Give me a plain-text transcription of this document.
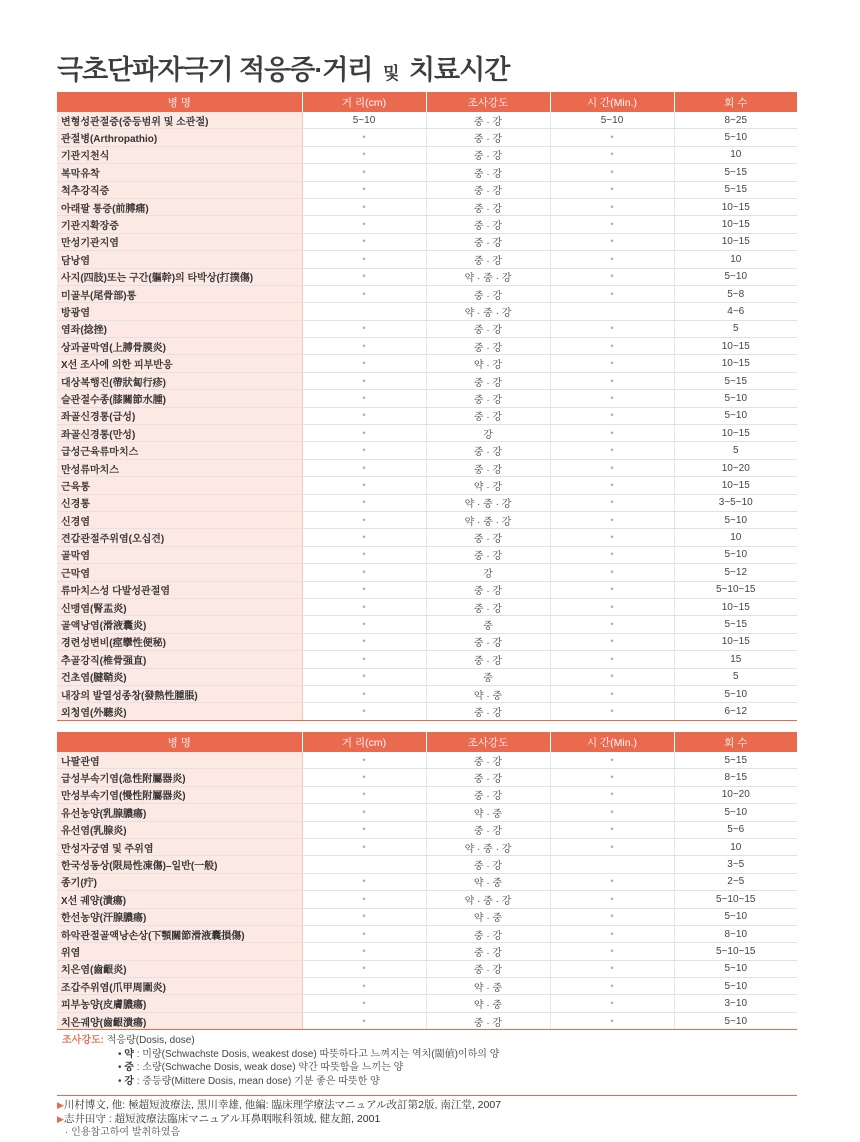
극초단파자극기 적응증·거리 및 치료시간
병 명	거 리(cm)	조사강도	시 간(Min.)	회 수
변형성관절증(중등범위 및 소관절)	5~10	중 · 강	5~10	8~25
관절병(Arthropathio)	•	중 · 강	•	5~10
기관지천식	•	중 · 강	•	10
복막유착	•	중 · 강	•	5~15
척추강직증	•	중 · 강	•	5~15
아래팔 통증(前膊痛)	•	중 · 강	•	10~15
기관지확장증	•	중 · 강	•	10~15
만성기관지염	•	중 · 강	•	10~15
담낭염	•	중 · 강	•	10
사지(四肢)또는 구간(軀幹)의 타박상(打撲傷)	•	약 · 중 · 강	•	5~10
미골부(尾骨部)통	•	중 · 강	•	5~8
방광염		약 · 중 · 강		4~6
염좌(捻挫)	•	중 · 강	•	5
상과골막염(上膊骨膜炎)	•	중 · 강	•	10~15
X선 조사에 의한 피부반응	•	약 · 강	•	10~15
대상복행진(帶狀匐行疹)	•	중 · 강	•	5~15
슬관절수종(膝關節水腫)	•	중 · 강	•	5~10
좌골신경통(급성)	•	중 · 강	•	5~10
좌골신경통(만성)	•	강	•	10~15
급성근육류마치스	•	중 · 강	•	5
만성류마치스	•	중 · 강	•	10~20
근육통	•	약 · 강	•	10~15
신경통	•	약 · 중 · 강	•	3~5~10
신경염	•	약 · 중 · 강	•	5~10
견갑관절주위염(오십견)	•	중 · 강	•	10
골막염	•	중 · 강	•	5~10
근막염	•	강	•	5~12
류마치스성 다발성관절염	•	중 · 강	•	5~10~15
신맹염(腎盂炎)	•	중 · 강	•	10~15
골액낭염(滑液囊炎)	•	중	•	5~15
경련성변비(痙攣性便秘)	•	중 · 강	•	10~15
추골강직(椎骨强直)	•	중 · 강	•	15
건초염(腱鞘炎)	•	중	•	5
내장의 발열성종창(發熱性腫脹)	•	약 · 중	•	5~10
외청염(外聽炎)	•	중 · 강	•	6~12
병 명	거 리(cm)	조사강도	시 간(Min.)	회 수
나팔관염	•	중 · 강	•	5~15
급성부속기염(急性附屬器炎)	•	중 · 강	•	8~15
만성부속기염(慢性附屬器炎)	•	중 · 강	•	10~20
유선농양(乳腺膿瘍)	•	약 · 중	•	5~10
유선염(乳腺炎)	•	중 · 강	•	5~6
만성자궁염 및 주위염	•	약 · 중 · 강	•	10
한국성동상(限局性凍傷)–일반(一般)		중 · 강		3~5
종기(疔)	•	약 · 중	•	2~5
X선 궤양(潰瘍)	•	약 · 중 · 강	•	5~10~15
한선농양(汗腺膿瘍)	•	약 · 중	•	5~10
하악관절골액낭손상(下顎關節滑液囊損傷)	•	중 · 강	•	8~10
위염	•	중 · 강	•	5~10~15
치은염(齒齦炎)	•	중 · 강	•	5~10
조갑주위염(爪甲周圍炎)	•	약 · 중	•	5~10
피부농양(皮膚膿瘍)	•	약 · 중	•	3~10
치은궤양(齒齦潰瘍)	•	중 · 강	•	5~10
조사강도: 적응량(Dosis, dose)
• 약 : 미량(Schwachste Dosis, weakest dose) 따뜻하다고 느껴지는 역치(閾値)이하의 양
• 중 : 소량(Schwache Dosis, weak dose) 약간 따뜻함을 느끼는 양
• 강 : 중등량(Mittere Dosis, mean dose) 기분 좋은 따뜻한 양
▶川村博文, 他: 極超短波療法, 黒川幸雄, 他編: 臨床理学療法マニュアル改訂第2版, 南江堂, 2007
▶志井田守 : 超短波療法臨床マニュアル耳鼻咽喉科領域, 健友館, 2001
· 인용참고하여 발취하였음
